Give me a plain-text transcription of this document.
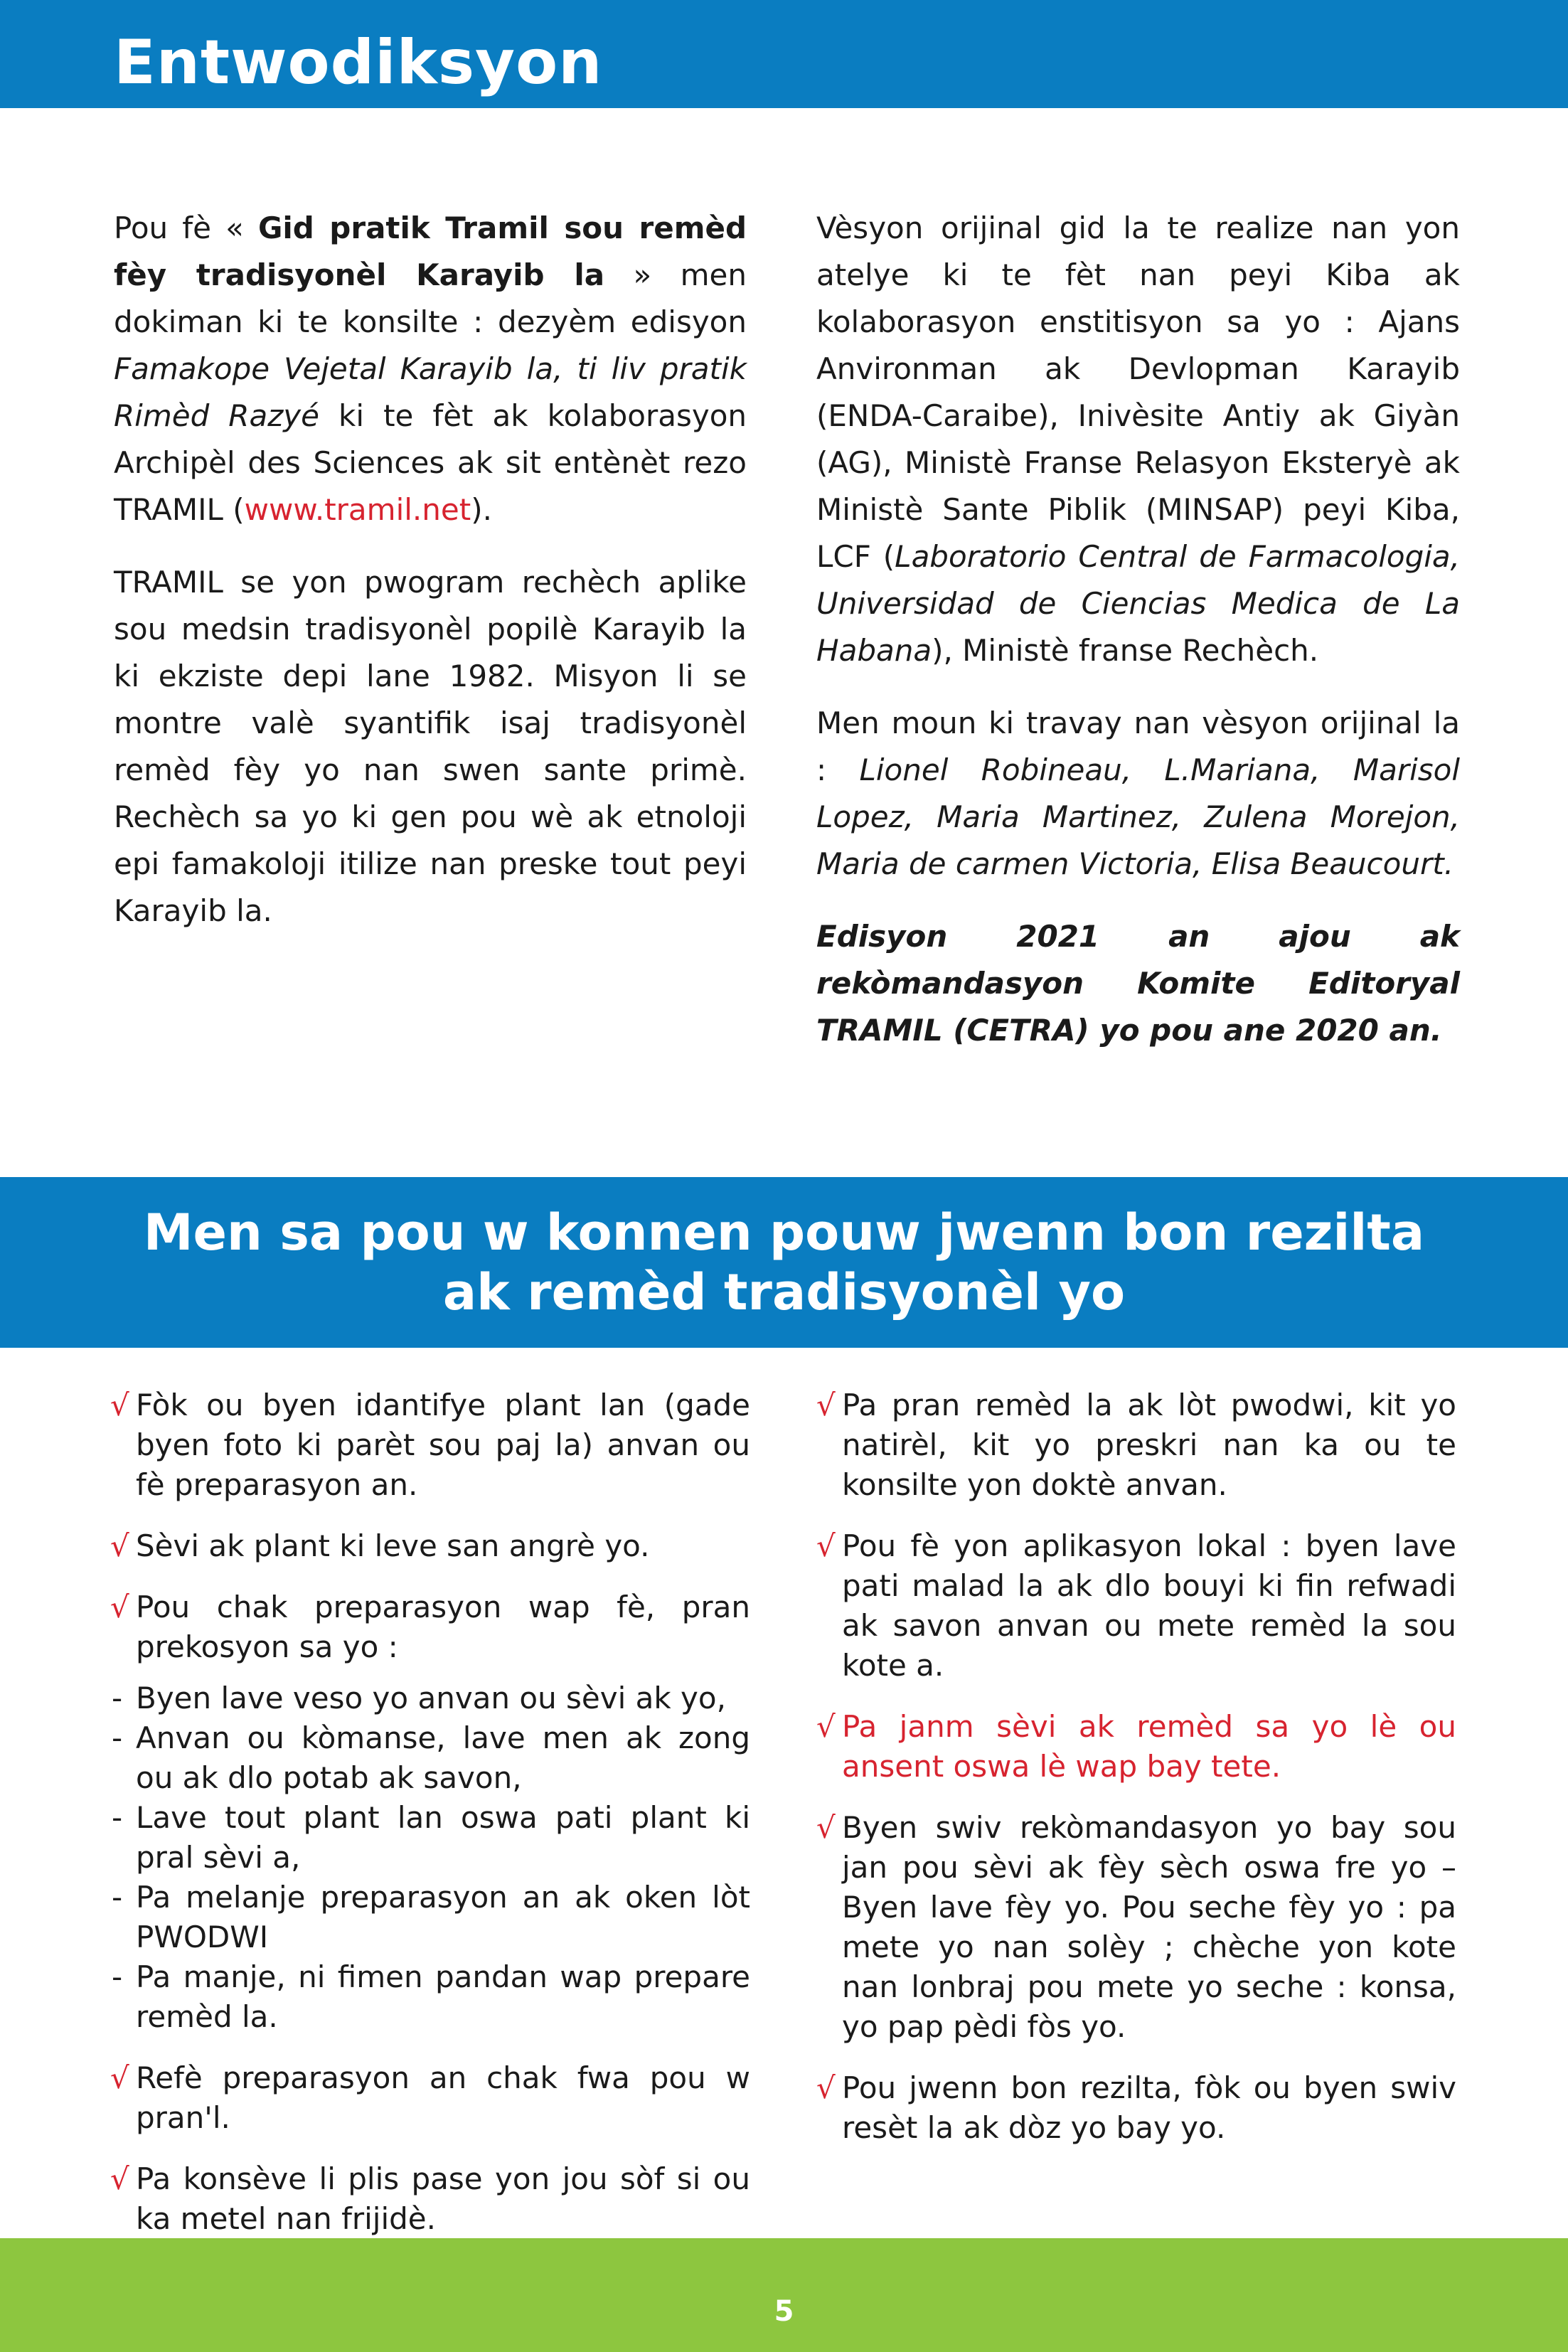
Entwodiksyon

Pou fè « Gid pratik Tramil sou remèd fèy tradisyonèl Karayib la » men dokiman ki te konsilte : dezyèm edisyon Famakope Vejetal Karayib la, ti liv pratik Rimèd Razyé ki te fèt ak kolaborasyon Archipèl des Sciences ak sit entènèt rezo TRAMIL (www.tramil.net).

TRAMIL se yon pwogram rechèch aplike sou medsin tradisyonèl popilè Karayib la ki ekziste depi lane 1982. Misyon li se montre valè syantifik isaj tradisyonèl remèd fèy yo nan swen sante primè. Rechèch sa yo ki gen pou wè ak etnoloji epi famakoloji itilize nan preske tout peyi Karayib la.

Vèsyon orijinal gid la te realize nan yon atelye ki te fèt nan peyi Kiba ak kolaborasyon enstitisyon sa yo : Ajans Anvironman ak Devlopman Karayib (ENDA-Caraibe), Inivèsite Antiy ak Giyàn (AG), Ministè Franse Relasyon Eksteryè ak Ministè Sante Piblik (MINSAP) peyi Kiba, LCF (Laboratorio Central de Farmacologia, Universidad de Ciencias Medica de La Habana), Ministè franse Rechèch.

Men moun ki travay nan vèsyon orijinal la : Lionel Robineau, L.Mariana, Marisol Lopez, Maria Martinez, Zulena Morejon, Maria de carmen Victoria, Elisa Beaucourt.

Edisyon 2021 an ajou ak rekòmandasyon Komite Editoryal TRAMIL (CETRA) yo pou ane 2020 an.

Men sa pou w konnen pouw jwenn bon rezilta
ak remèd tradisyonèl yo
√ Fòk ou byen idantifye plant lan (gade byen foto ki parèt sou paj la) anvan ou fè preparasyon an.
√ Sèvi ak plant ki leve san angrè yo.
√ Pou chak preparasyon wap fè, pran prekosyon sa yo :
- Byen lave veso yo anvan ou sèvi ak yo,
- Anvan ou kòmanse, lave men ak zong ou ak dlo potab ak savon,
- Lave tout plant lan oswa pati plant ki pral sèvi a,
- Pa melanje preparasyon an ak oken lòt PWODWI
- Pa manje, ni fimen pandan wap prepare remèd la.
√ Refè preparasyon an chak fwa pou w pran'l.
√ Pa konsève li plis pase yon jou sòf si ou ka metel nan frijidè.
√ Pa pran remèd la ak lòt pwodwi, kit yo natirèl, kit yo preskri nan ka ou te konsilte yon doktè anvan.
√ Pou fè yon aplikasyon lokal : byen lave pati malad la ak dlo bouyi ki fin refwadi ak savon anvan ou mete remèd la sou kote a.
√ Pa janm sèvi ak remèd sa yo lè ou ansent oswa lè wap bay tete.
√ Byen swiv rekòmandasyon yo bay sou jan pou sèvi ak fèy sèch oswa fre yo – Byen lave fèy yo. Pou seche fèy yo : pa mete yo nan solèy ; chèche yon kote nan lonbraj pou mete yo seche : konsa, yo pap pèdi fòs yo.
√ Pou jwenn bon rezilta, fòk ou byen swiv resèt la ak dòz yo bay yo.
5
